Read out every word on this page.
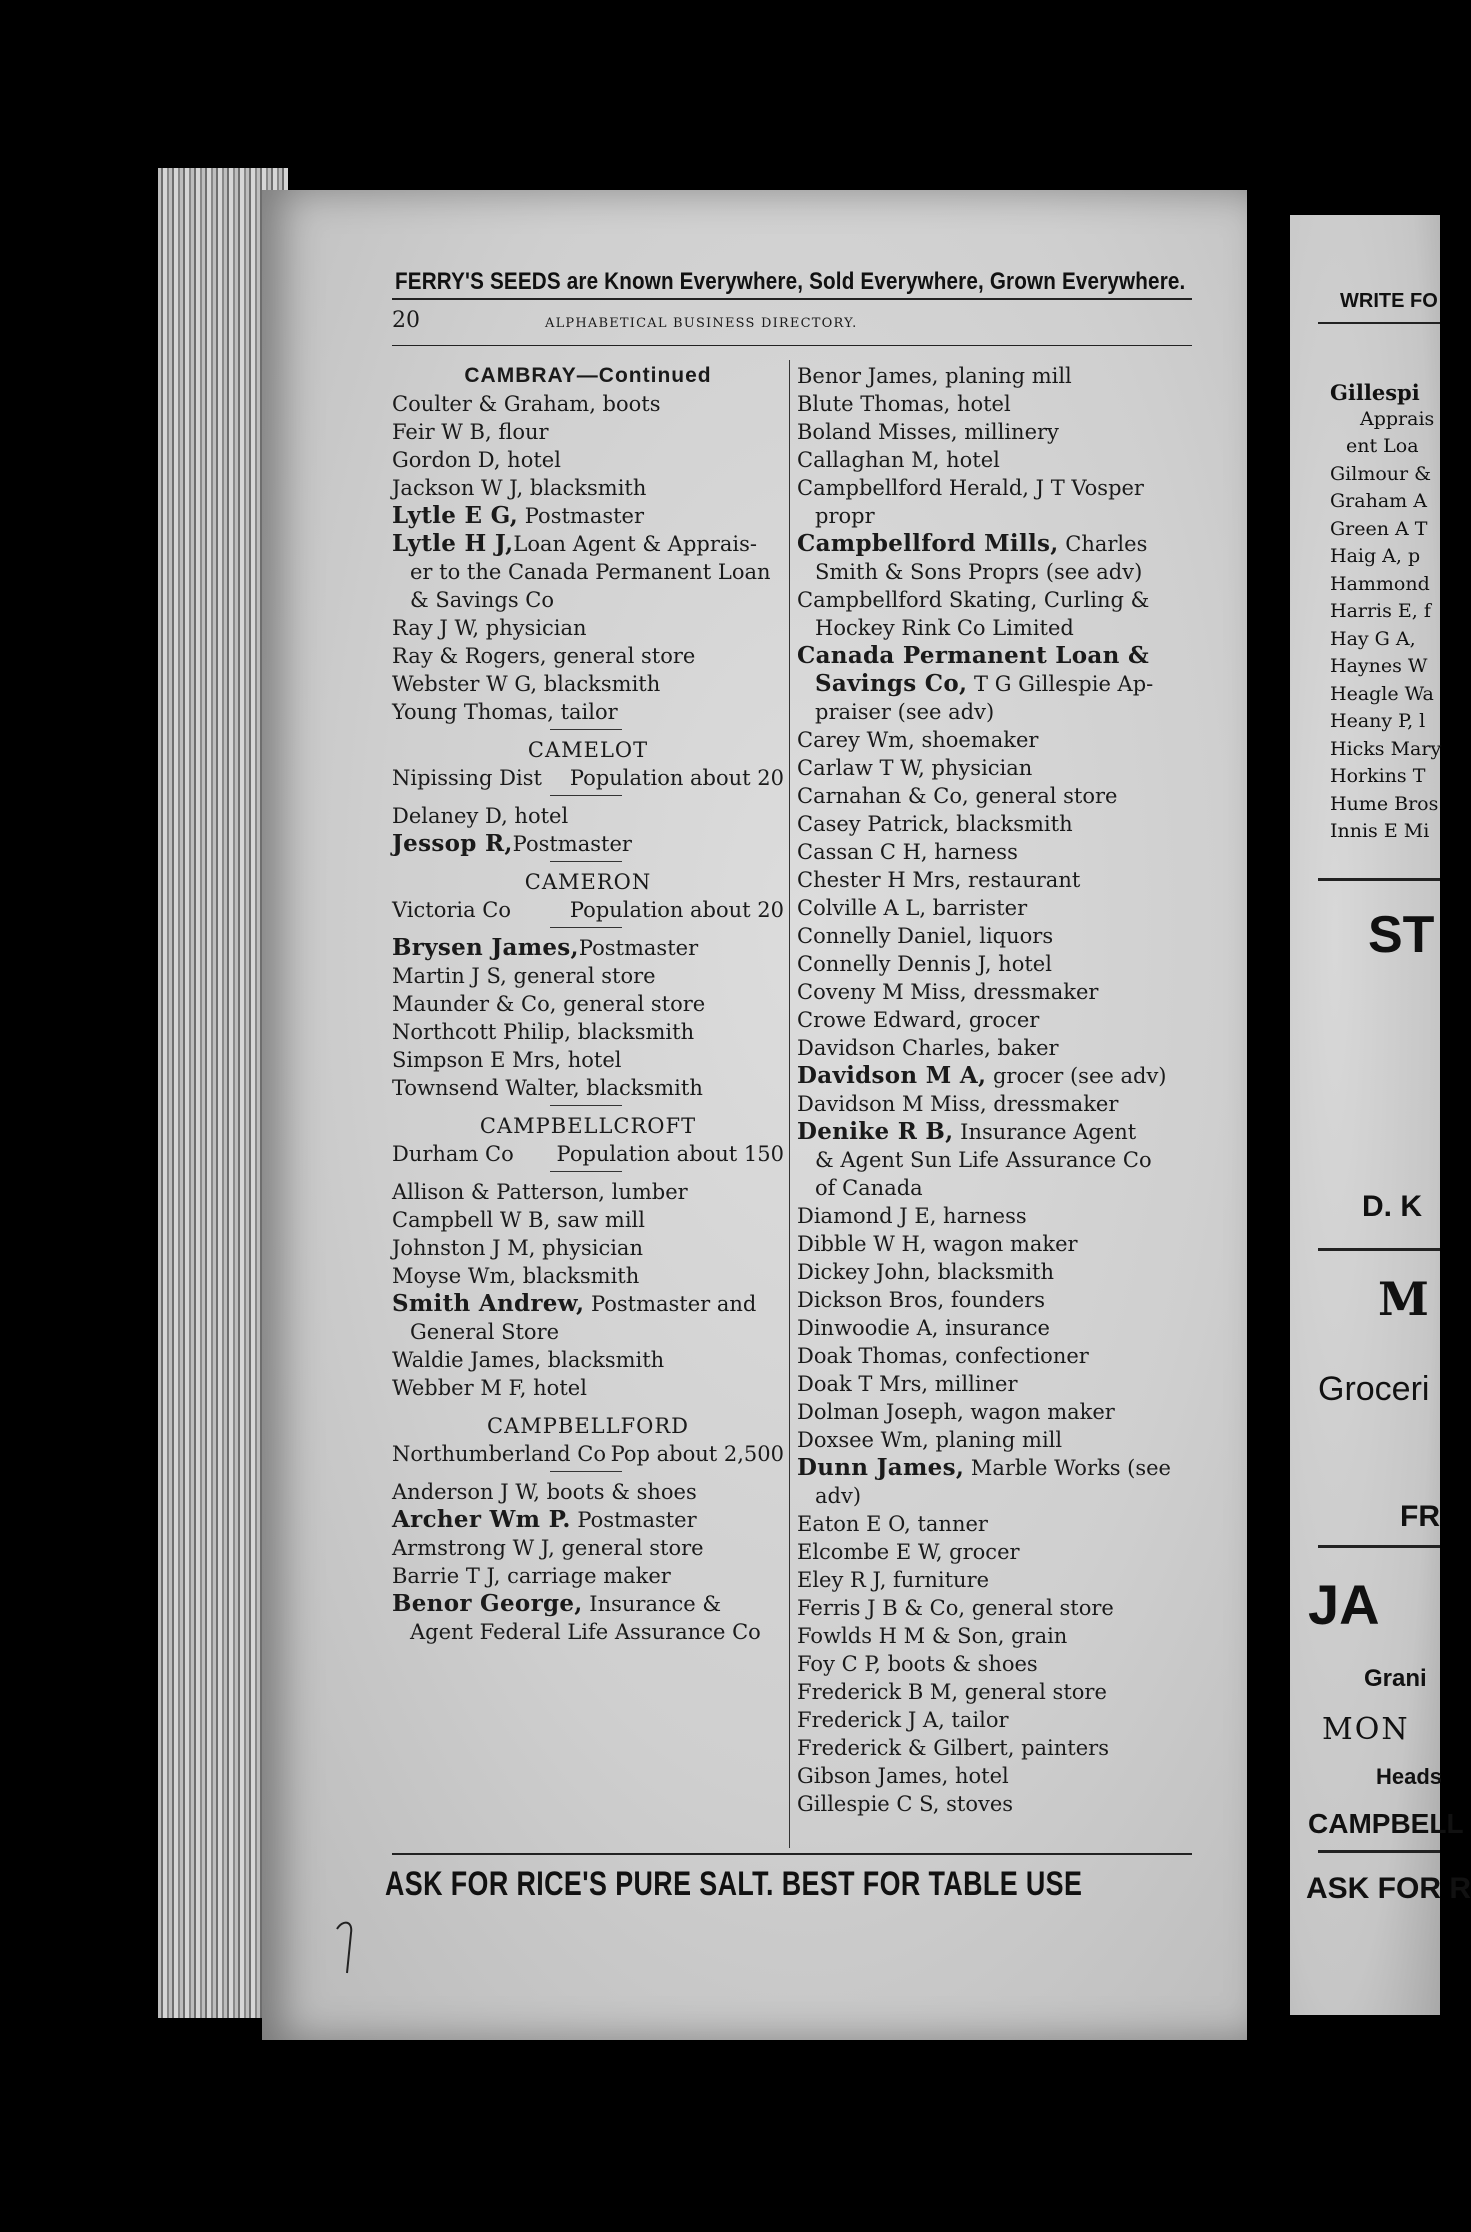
FERRY'S SEEDS are Known Everywhere, Sold Everywhere, Grown Everywhere.
20	ALPHABETICAL BUSINESS DIRECTORY.
CAMBRAY—Continued
Coulter & Graham, boots
Feir W B, flour
Gordon D, hotel
Jackson W J, blacksmith
Lytle E G, Postmaster
Lytle H J,Loan Agent & Apprais-
er to the Canada Permanent Loan
& Savings Co
Ray J W, physician
Ray & Rogers, general store
Webster W G, blacksmith
Young Thomas, tailor
CAMELOT
Nipissing Dist Population about 20
Delaney D, hotel
Jessop R,Postmaster
CAMERON
Victoria Co	Population about 20
Brysen James,Postmaster
Martin J S, general store
Maunder & Co, general store
Northcott Philip, blacksmith
Simpson E Mrs, hotel
Townsend Walter, blacksmith
CAMPBELLCROFT
Durham Co Population about 150
Allison & Patterson, lumber
Campbell W B, saw mill
Johnston J M, physician
Moyse Wm, blacksmith
Smith Andrew, Postmaster and
General Store
Waldie James, blacksmith
Webber M F, hotel
CAMPBELLFORD
Northumberland Co Pop about 2,500
Anderson J W, boots & shoes
Archer Wm P. Postmaster
Armstrong W J, general store
Barrie T J, carriage maker
Benor George, Insurance &
Agent Federal Life Assurance Co
Benor James, planing mill
Blute Thomas, hotel
Boland Misses, millinery
Callaghan M, hotel
Campbellford Herald, J T Vosper
propr
Campbellford Mills, Charles
Smith & Sons Proprs (see adv)
Campbellford Skating, Curling &
Hockey Rink Co Limited
Canada Permanent Loan &
Savings Co, T G Gillespie Ap-
praiser (see adv)
Carey Wm, shoemaker
Carlaw T W, physician
Carnahan & Co, general store
Casey Patrick, blacksmith
Cassan C H, harness
Chester H Mrs, restaurant
Colville A L, barrister
Connelly Daniel, liquors
Connelly Dennis J, hotel
Coveny M Miss, dressmaker
Crowe Edward, grocer
Davidson Charles, baker
Davidson M A, grocer (see adv)
Davidson M Miss, dressmaker
Denike R B, Insurance Agent
& Agent Sun Life Assurance Co
of Canada
Diamond J E, harness
Dibble W H, wagon maker
Dickey John, blacksmith
Dickson Bros, founders
Dinwoodie A, insurance
Doak Thomas, confectioner
Doak T Mrs, milliner
Dolman Joseph, wagon maker
Doxsee Wm, planing mill
Dunn James, Marble Works (see
adv)
Eaton E O, tanner
Elcombe E W, grocer
Eley R J, furniture
Ferris J B & Co, general store
Fowlds H M & Son, grain
Foy C P, boots & shoes
Frederick B M, general store
Frederick J A, tailor
Frederick & Gilbert, painters
Gibson James, hotel
Gillespie C S, stoves
ASK FOR RICE'S PURE SALT. BEST FOR TABLE USE
WRITE FO
Gillespi
Apprais
ent Loa
Gilmour &
Graham A
Green A T
Haig A, p
Hammond
Harris E, f
Hay G A,
Haynes W
Heagle Wa
Heany P, l
Hicks Mary
Horkins T
Hume Bros
Innis E Mi
ST
D. K
M
Groceri
FR
JA
Grani
MON
Heads
CAMPBELL
ASK FOR R
